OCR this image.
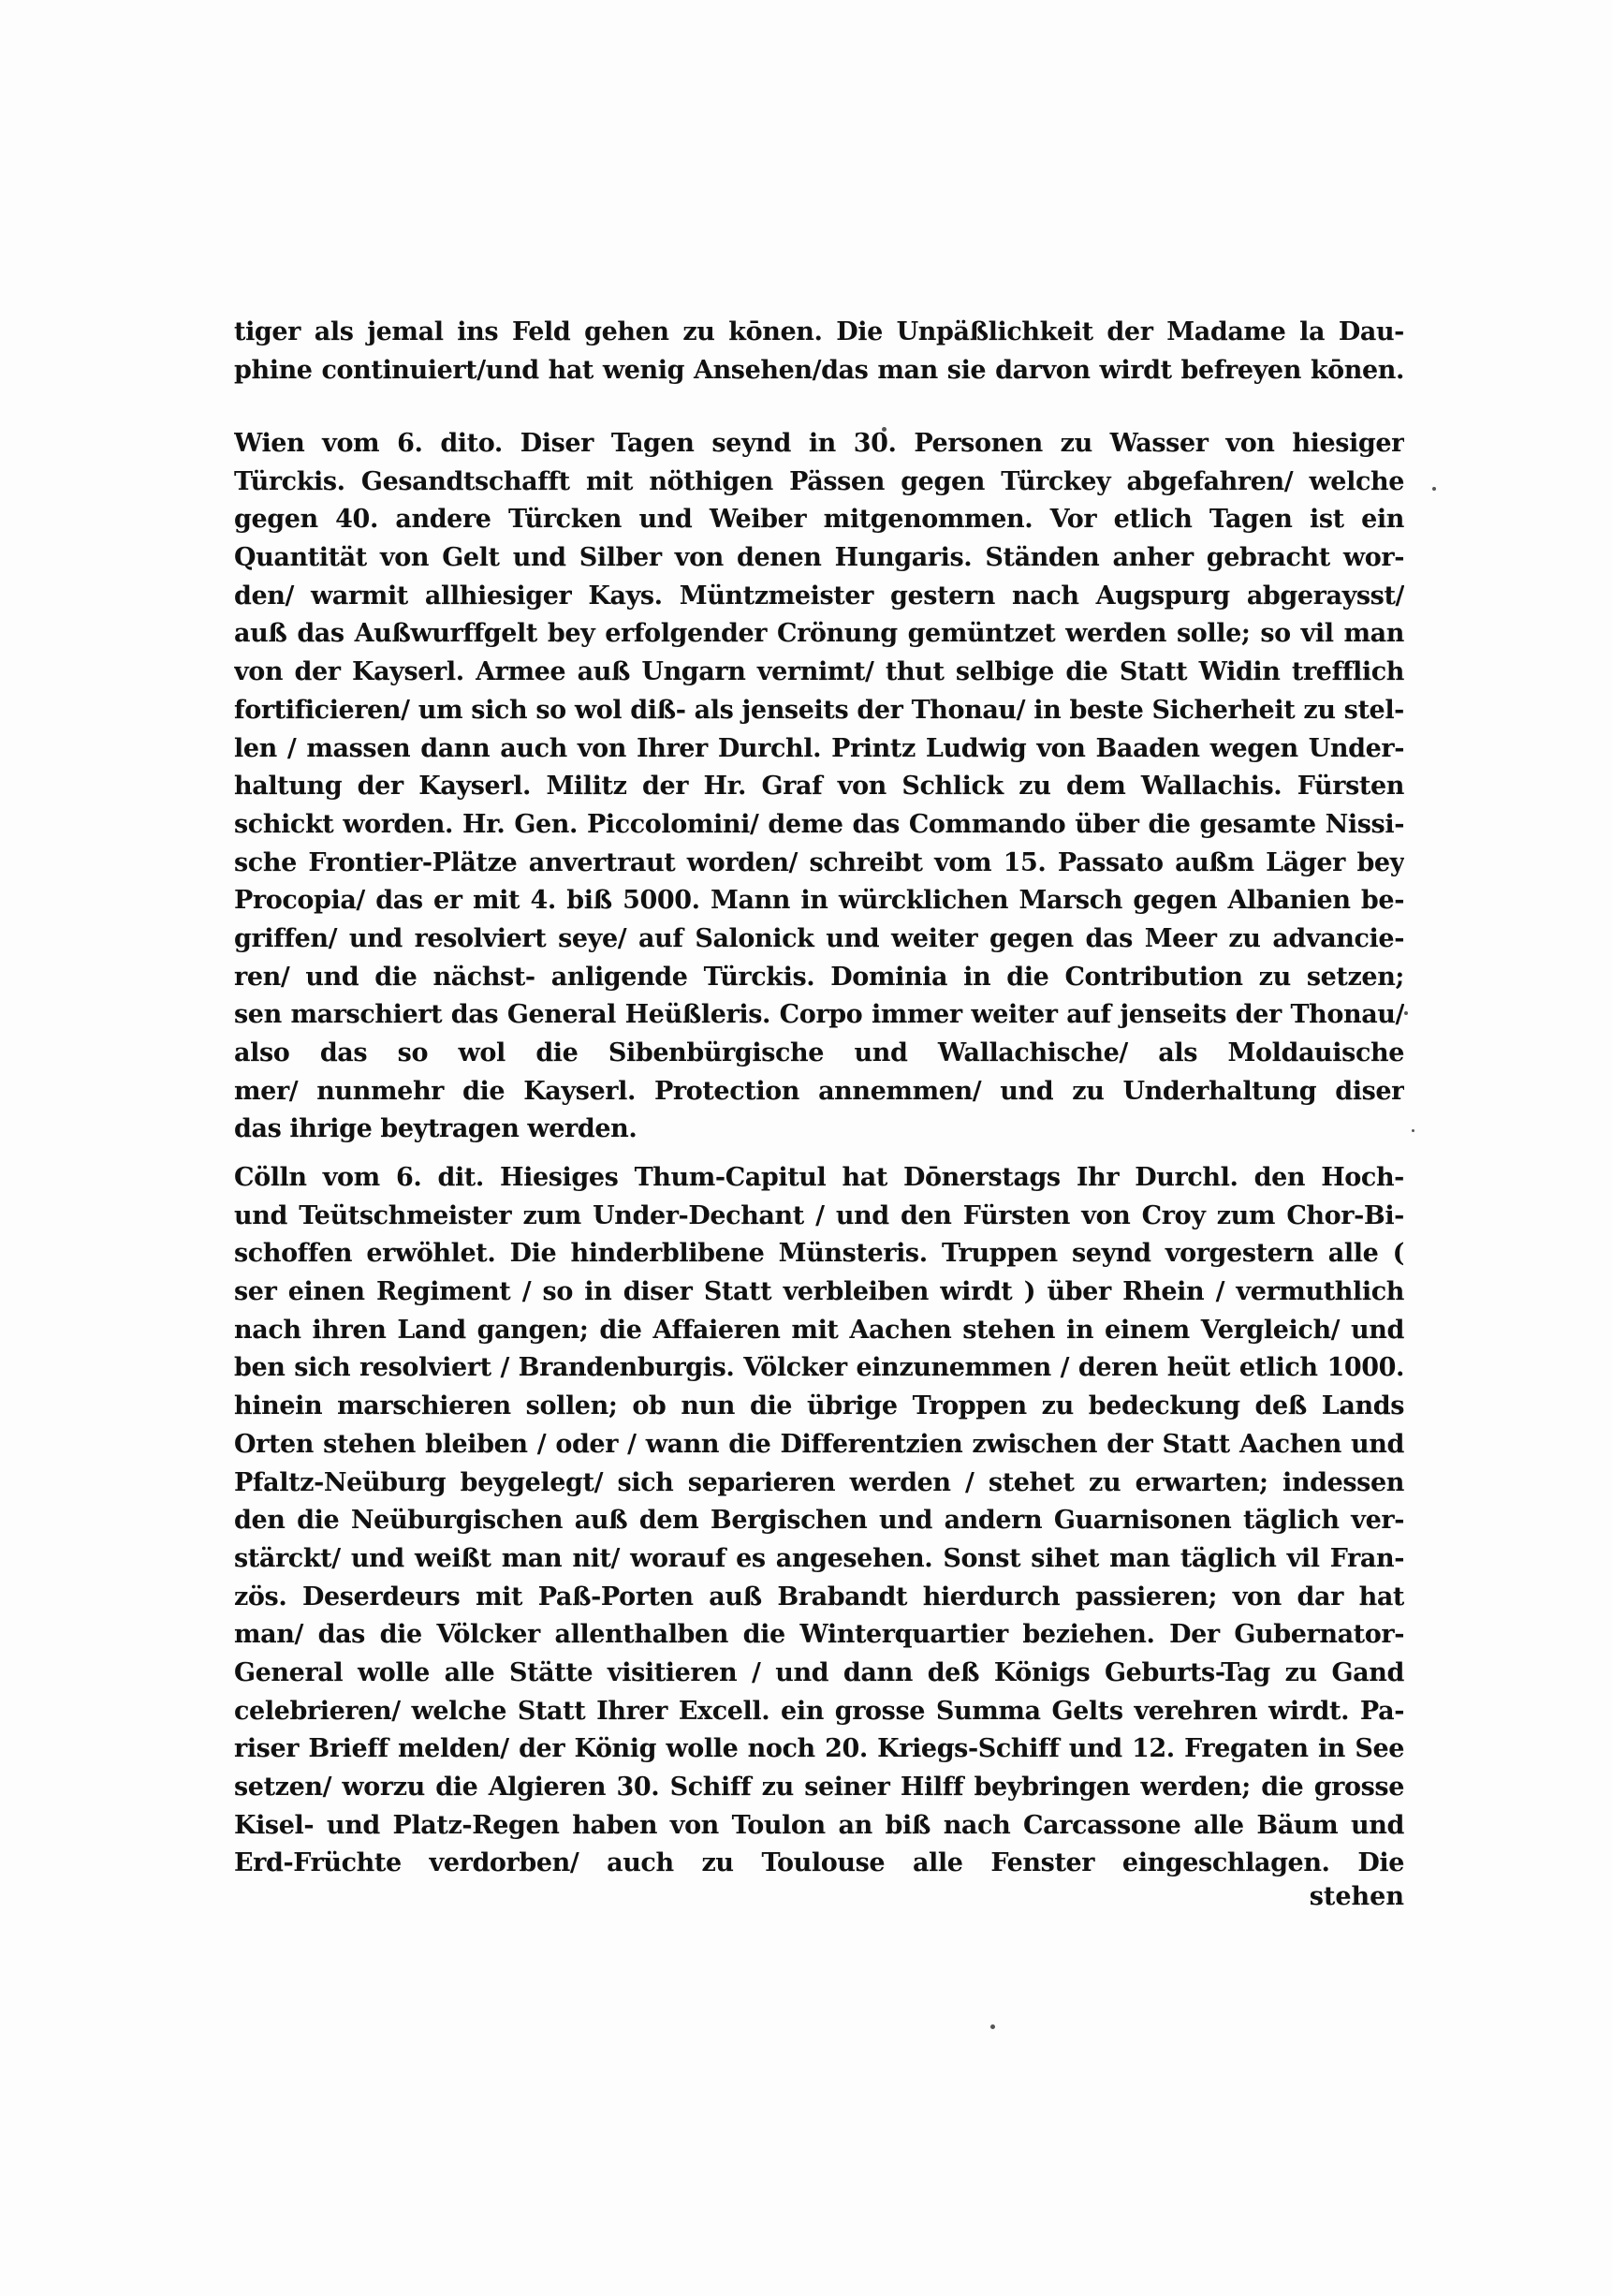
tiger als jemal ins Feld gehen zu kōnen. Die Unpäßlichkeit der Madame la Dau-
phine continuiert/und hat wenig Ansehen/das man sie darvon wirdt befreyen kōnen.
Wien vom 6. dito. Diser Tagen seynd in 30. Personen zu Wasser von hiesiger
Türckis. Gesandtschafft mit nöthigen Pässen gegen Türckey abgefahren/ welche
gegen 40. andere Türcken und Weiber mitgenommen. Vor etlich Tagen ist ein
Quantität von Gelt und Silber von denen Hungaris. Ständen anher gebracht wor-
den/ warmit allhiesiger Kays. Müntzmeister gestern nach Augspurg abgeraysst/
auß das Außwurffgelt bey erfolgender Crönung gemüntzet werden solle; so vil man
von der Kayserl. Armee auß Ungarn vernimt/ thut selbige die Statt Widin trefflich
fortificieren/ um sich so wol diß- als jenseits der Thonau/ in beste Sicherheit zu stel-
len / massen dann auch von Ihrer Durchl. Printz Ludwig von Baaden wegen Under-
haltung der Kayserl. Militz der Hr. Graf von Schlick zu dem Wallachis. Fürsten
schickt worden. Hr. Gen. Piccolomini/ deme das Commando über die gesamte Nissi-
sche Frontier-Plätze anvertraut worden/ schreibt vom 15. Passato außm Läger bey
Procopia/ das er mit 4. biß 5000. Mann in würcklichen Marsch gegen Albanien be-
griffen/ und resolviert seye/ auf Salonick und weiter gegen das Meer zu advancie-
ren/ und die nächst- anligende Türckis. Dominia in die Contribution zu setzen;
sen marschiert das General Heüßleris. Corpo immer weiter auf jenseits der Thonau/
also das so wol die Sibenbürgische und Wallachische/ als Moldauische
mer/ nunmehr die Kayserl. Protection annemmen/ und zu Underhaltung diser
das ihrige beytragen werden.
Cölln vom 6. dit. Hiesiges Thum-Capitul hat Dōnerstags Ihr Durchl. den Hoch-
und Teütschmeister zum Under-Dechant / und den Fürsten von Croy zum Chor-Bi-
schoffen erwöhlet. Die hinderblibene Münsteris. Truppen seynd vorgestern alle (
ser einen Regiment / so in diser Statt verbleiben wirdt ) über Rhein / vermuthlich
nach ihren Land gangen; die Affaieren mit Aachen stehen in einem Vergleich/ und
ben sich resolviert / Brandenburgis. Völcker einzunemmen / deren heüt etlich 1000.
hinein marschieren sollen; ob nun die übrige Troppen zu bedeckung deß Lands
Orten stehen bleiben / oder / wann die Differentzien zwischen der Statt Aachen und
Pfaltz-Neüburg beygelegt/ sich separieren werden / stehet zu erwarten; indessen
den die Neüburgischen auß dem Bergischen und andern Guarnisonen täglich ver-
stärckt/ und weißt man nit/ worauf es angesehen. Sonst sihet man täglich vil Fran-
zös. Deserdeurs mit Paß-Porten auß Brabandt hierdurch passieren; von dar hat
man/ das die Völcker allenthalben die Winterquartier beziehen. Der Gubernator-
General wolle alle Stätte visitieren / und dann deß Königs Geburts-Tag zu Gand
celebrieren/ welche Statt Ihrer Excell. ein grosse Summa Gelts verehren wirdt. Pa-
riser Brieff melden/ der König wolle noch 20. Kriegs-Schiff und 12. Fregaten in See
setzen/ worzu die Algieren 30. Schiff zu seiner Hilff beybringen werden; die grosse
Kisel- und Platz-Regen haben von Toulon an biß nach Carcassone alle Bäum und
Erd-Früchte verdorben/ auch zu Toulouse alle Fenster eingeschlagen. Die
stehen
